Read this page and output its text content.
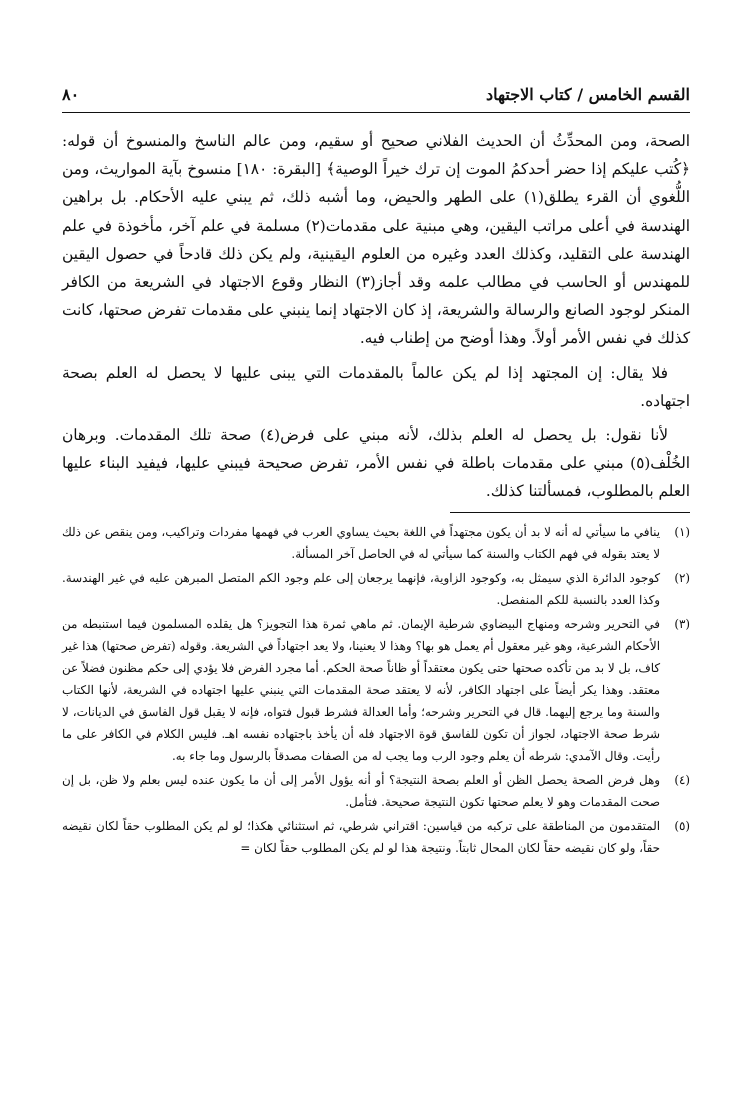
القسم الخامس / كتاب الاجتهاد
٨٠

الصحة، ومن المحدِّثُ أن الحديث الفلاني صحيح أو سقيم، ومن عالم الناسخ والمنسوخ أن قوله: ﴿كُتب عليكم إذا حضر أحدكمُ الموت إن ترك خيراً الوصية﴾ [البقرة: ١٨٠] منسوخ بآية المواريث، ومن اللُّغوي أن القرء يطلق(١) على الطهر والحيض، وما أشبه ذلك، ثم يبني عليه الأحكام. بل براهين الهندسة في أعلى مراتب اليقين، وهي مبنية على مقدمات(٢) مسلمة في علم آخر، مأخوذة في علم الهندسة على التقليد، وكذلك العدد وغيره من العلوم اليقينية، ولم يكن ذلك قادحاً في حصول اليقين للمهندس أو الحاسب في مطالب علمه وقد أجاز(٣) النظار وقوع الاجتهاد في الشريعة من الكافر المنكر لوجود الصانع والرسالة والشريعة، إذ كان الاجتهاد إنما ينبني على مقدمات تفرض صحتها، كانت كذلك في نفس الأمر أولاً. وهذا أوضح من إطناب فيه.

فلا يقال: إن المجتهد إذا لم يكن عالماً بالمقدمات التي يبنى عليها لا يحصل له العلم بصحة اجتهاده.

لأنا نقول: بل يحصل له العلم بذلك، لأنه مبني على فرض(٤) صحة تلك المقدمات. وبرهان الخُلْف(٥) مبني على مقدمات باطلة في نفس الأمر، تفرض صحيحة فيبني عليها، فيفيد البناء عليها العلم بالمطلوب، فمسألتنا كذلك.

(١)
ينافي ما سيأتي له أنه لا بد أن يكون مجتهداً في اللغة بحيث يساوي العرب في فهمها مفردات وتراكيب، ومن ينقص عن ذلك لا يعتد بقوله في فهم الكتاب والسنة كما سيأتي له في الحاصل آخر المسألة.
(٢)
كوجود الدائرة الذي سيمثل به، وكوجود الزاوية، فإنهما يرجعان إلى علم وجود الكم المتصل المبرهن عليه في غير الهندسة. وكذا العدد بالنسبة للكم المنفصل.
(٣)
في التحرير وشرحه ومنهاج البيضاوي شرطية الإيمان. ثم ماهي ثمرة هذا التجويز؟ هل يقلده المسلمون فيما استنبطه من الأحكام الشرعية، وهو غير معقول أم يعمل هو بها؟ وهذا لا يعنينا، ولا يعد اجتهاداً في الشريعة. وقوله (تفرض صحتها) هذا غير كاف، بل لا بد من تأكده صحتها حتى يكون معتقداً أو ظاناً صحة الحكم. أما مجرد الفرض فلا يؤدي إلى حكم مظنون فضلاً عن معتقد. وهذا يكر أيضاً على اجتهاد الكافر، لأنه لا يعتقد صحة المقدمات التي ينبني عليها اجتهاده في الشريعة، لأنها الكتاب والسنة وما يرجع إليهما. قال في التحرير وشرحه؛ وأما العدالة فشرط قبول فتواه، فإنه لا يقبل قول الفاسق في الديانات، لا شرط صحة الاجتهاد، لجواز أن تكون للفاسق قوة الاجتهاد فله أن يأخذ باجتهاده نفسه اهـ. فليس الكلام في الكافر على ما رأيت. وقال الآمدي: شرطه أن يعلم وجود الرب وما يجب له من الصفات مصدقاً بالرسول وما جاء به.
(٤)
وهل فرض الصحة يحصل الظن أو العلم بصحة النتيجة؟ أو أنه يؤول الأمر إلى أن ما يكون عنده ليس بعلم ولا ظن، بل إن صحت المقدمات وهو لا يعلم صحتها تكون النتيجة صحيحة. فتأمل.
(٥)
المتقدمون من المناطقة على تركبه من قياسين: اقتراني شرطي، ثم استثنائي هكذا؛ لو لم يكن المطلوب حقاً لكان نقيضه حقاً، ولو كان نقيضه حقاً لكان المحال ثابتاً. ونتيجة هذا لو لم يكن المطلوب حقاً لكان =
